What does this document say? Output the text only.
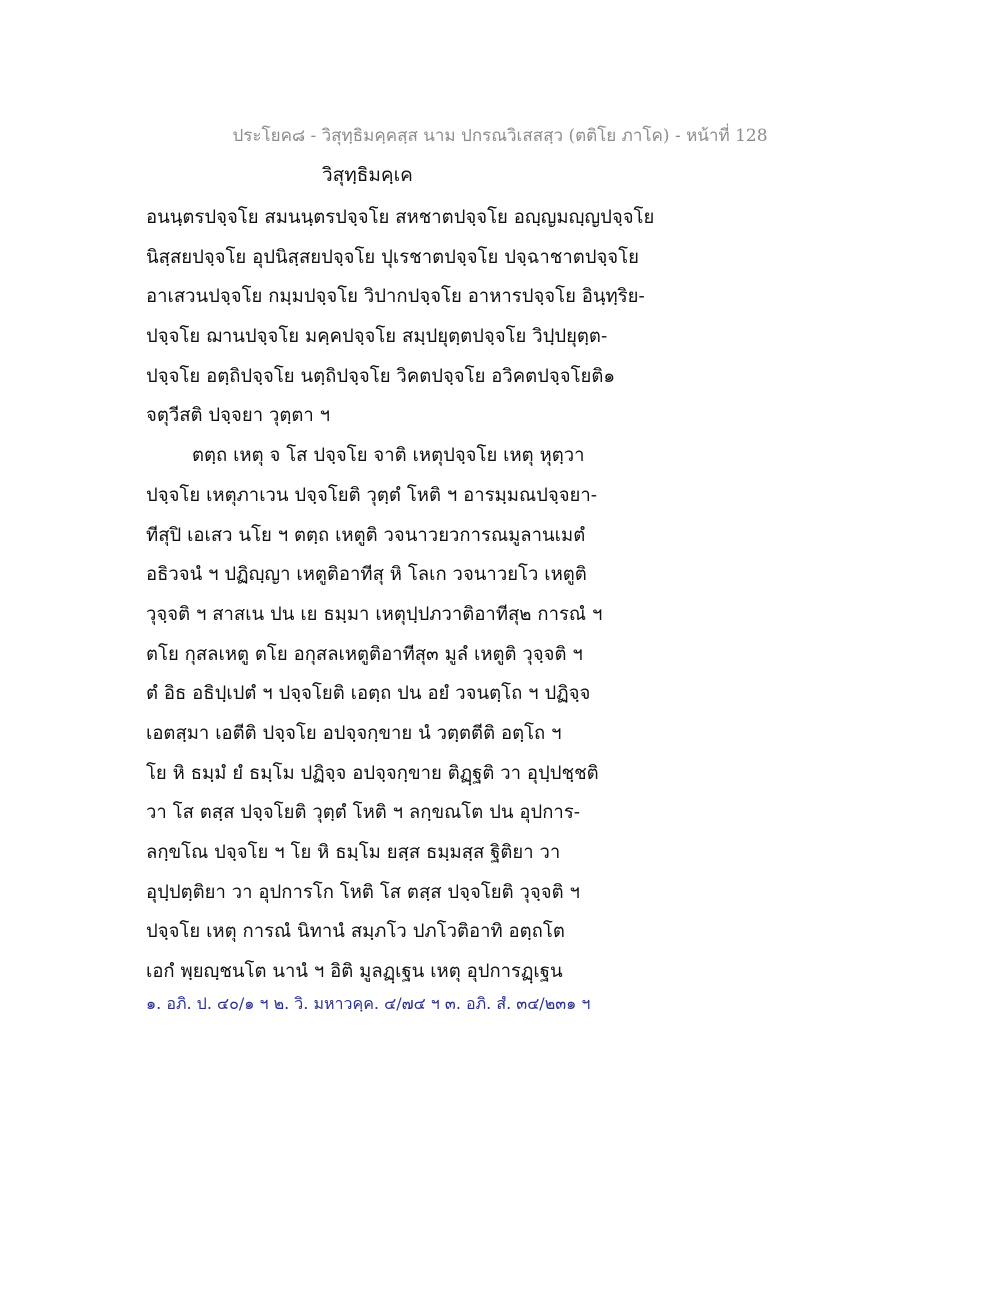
ประโยค๘ - วิสุทฺธิมคฺคสฺส นาม ปกรณวิเสสสฺว (ตติโย ภาโค) - หน้าที่ 128
วิสุทฺธิมคฺเค
อนนฺตรปจฺจโย สมนนฺตรปจฺจโย สหชาตปจฺจโย อญฺญมญฺญปจฺจโย
นิสฺสยปจฺจโย อุปนิสฺสยปจฺจโย ปุเรชาตปจฺจโย ปจฺฉาชาตปจฺจโย
อาเสวนปจฺจโย กมฺมปจฺจโย วิปากปจฺจโย อาหารปจฺจโย อินฺทฺริย-
ปจฺจโย ฌานปจฺจโย มคฺคปจฺจโย สมฺปยุตฺตปจฺจโย วิปฺปยุตฺต-
ปจฺจโย อตฺถิปจฺจโย นตฺถิปจฺจโย วิคตปจฺจโย อวิคตปจฺจโยติ๑
จตุวีสติ ปจฺจยา วุตฺตา ฯ
ตตฺถ เหตุ จ โส ปจฺจโย จาติ เหตุปจฺจโย เหตุ หุตฺวา
ปจฺจโย เหตุภาเวน ปจฺจโยติ วุตฺตํ โหติ ฯ อารมฺมณปจฺจยา-
ทีสุปิ เอเสว นโย ฯ ตตฺถ เหตูติ วจนาวยวการณมูลานเมตํ
อธิวจนํ ฯ ปฏิญฺญา เหตูติอาทีสุ หิ โลเก วจนาวยโว เหตูติ
วุจฺจติ ฯ สาสเน ปน เย ธมฺมา เหตุปฺปภวาติอาทีสุ๒ การณํ ฯ
ตโย กุสลเหตู ตโย อกุสลเหตูติอาทีสุ๓ มูลํ เหตูติ วุจฺจติ ฯ
ตํ อิธ อธิปฺเปตํ ฯ ปจฺจโยติ เอตฺถ ปน อยํ วจนตฺโถ ฯ ปฏิจฺจ
เอตสฺมา เอตีติ ปจฺจโย อปจฺจกฺขาย นํ วตฺตตีติ อตฺโถ ฯ
โย หิ ธมฺมํ ยํ ธมฺโม ปฏิจฺจ อปจฺจกฺขาย ติฏฺฐติ วา อุปฺปชฺชติ
วา โส ตสฺส ปจฺจโยติ วุตฺตํ โหติ ฯ ลกฺขณโต ปน อุปการ-
ลกฺขโณ ปจฺจโย ฯ โย หิ ธมฺโม ยสฺส ธมฺมสฺส ฐิติยา วา
อุปฺปตฺติยา วา อุปการโก โหติ โส ตสฺส ปจฺจโยติ วุจฺจติ ฯ
ปจฺจโย เหตุ การณํ นิทานํ สมฺภโว ปภโวติอาทิ อตฺถโต
เอกํ พฺยญฺชนโต นานํ ฯ อิติ มูลฏฺเฐน เหตุ อุปการฏฺเฐน
๑. อภิ. ป. ๔๐/๑ ฯ ๒. วิ. มหาวคฺค. ๔/๗๔ ฯ ๓. อภิ. สํ. ๓๔/๒๓๑ ฯ
